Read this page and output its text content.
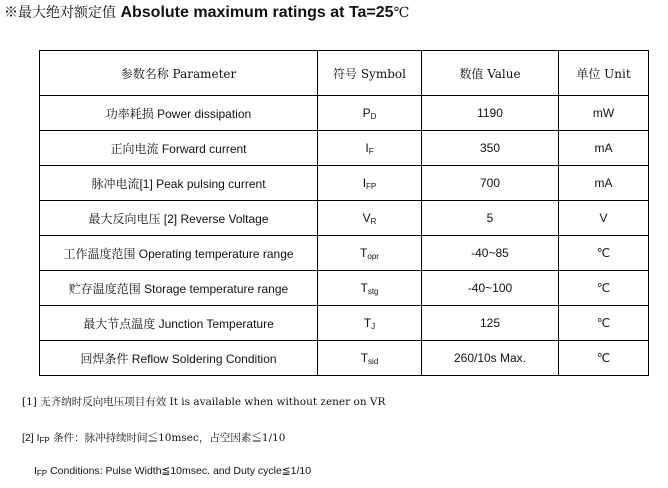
※最大绝对额定值 Absolute maximum ratings at Ta=25℃
参数名称 Parameter	符号 Symbol	数值 Value	单位 Unit
功率耗损 Power dissipation	$P_D$	1190	mW
正向电流 Forward current	$I_F$	350	mA
脉冲电流[1] Peak pulsing current	$I_{FP}$	700	mA
最大反向电压 [2] Reverse Voltage	$V_R$	5	V
工作温度范围 Operating temperature range	$T_{opr}$	-40~85	℃
贮存温度范围 Storage temperature range	$T_{stg}$	-40~100	℃
最大节点温度 Junction Temperature	$T_J$	125	℃
回焊条件 Reflow Soldering Condition	$T_{sid}$	260/10s Max.	℃
[1] 无齐纳时反向电压项目有效 It is available when without zener on VR
[2] $I_{FP}$ 条件：脉冲持续时间≦10msec，占空因素≦1/10
$I_{FP}$ Conditions: Pulse Width≦10msec. and Duty cycle≦1/10
